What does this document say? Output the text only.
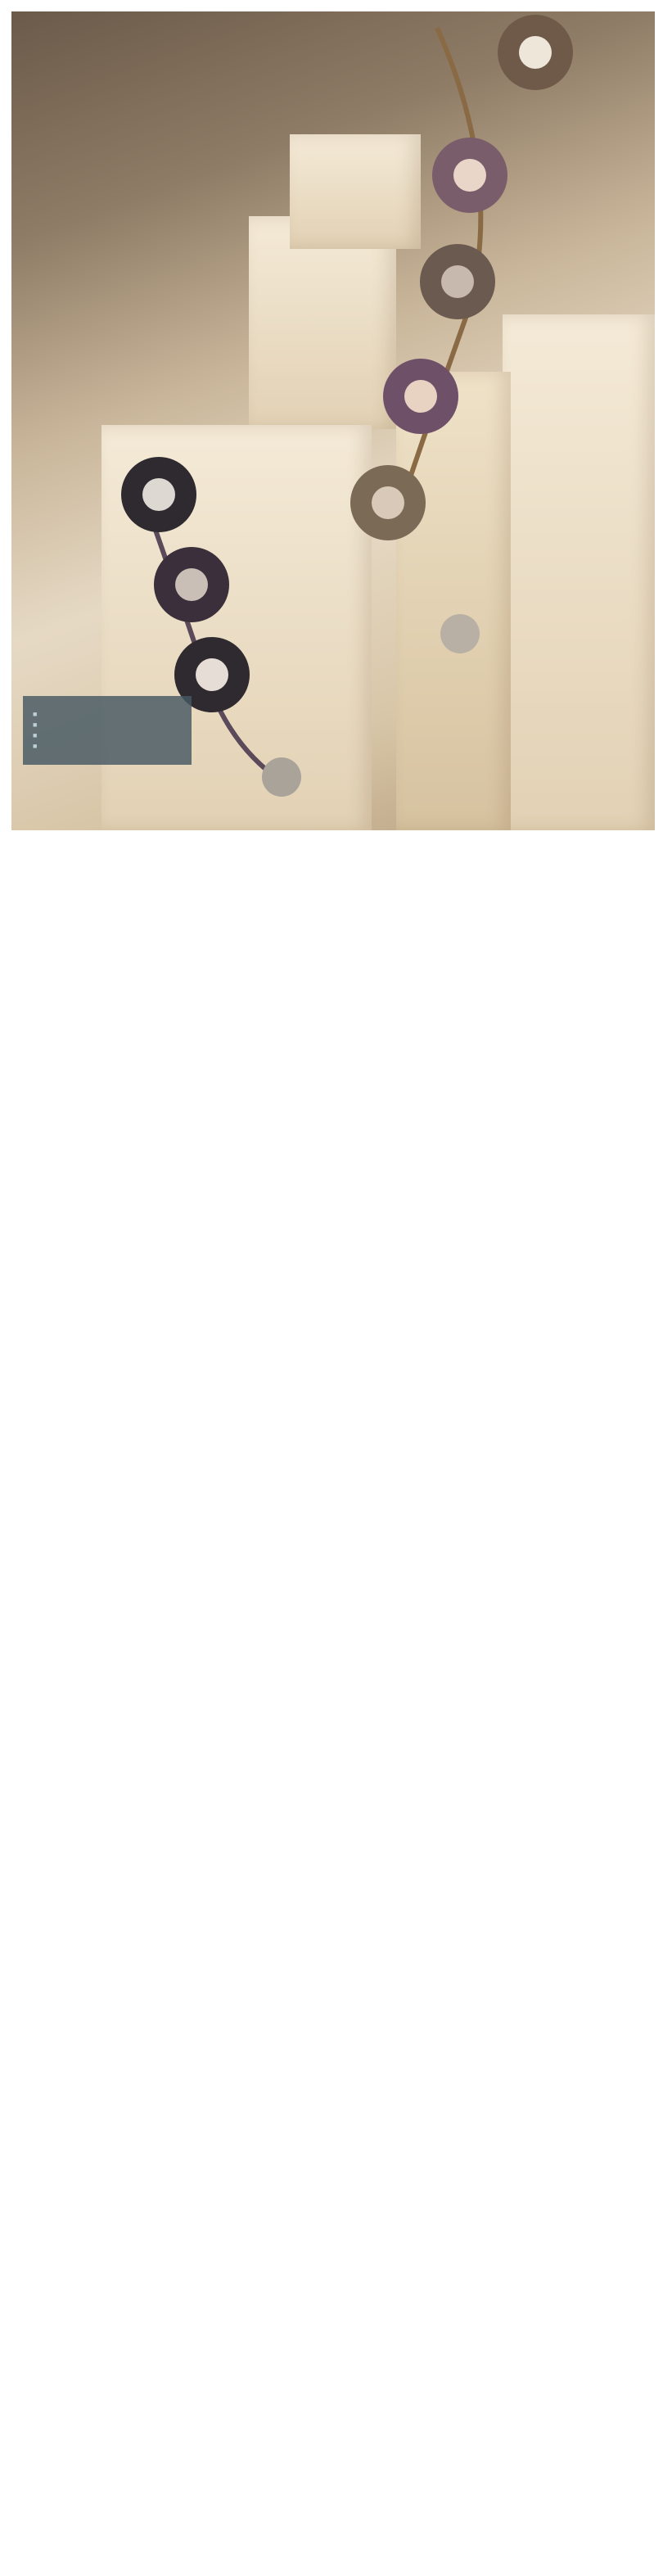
■
■
■
■
